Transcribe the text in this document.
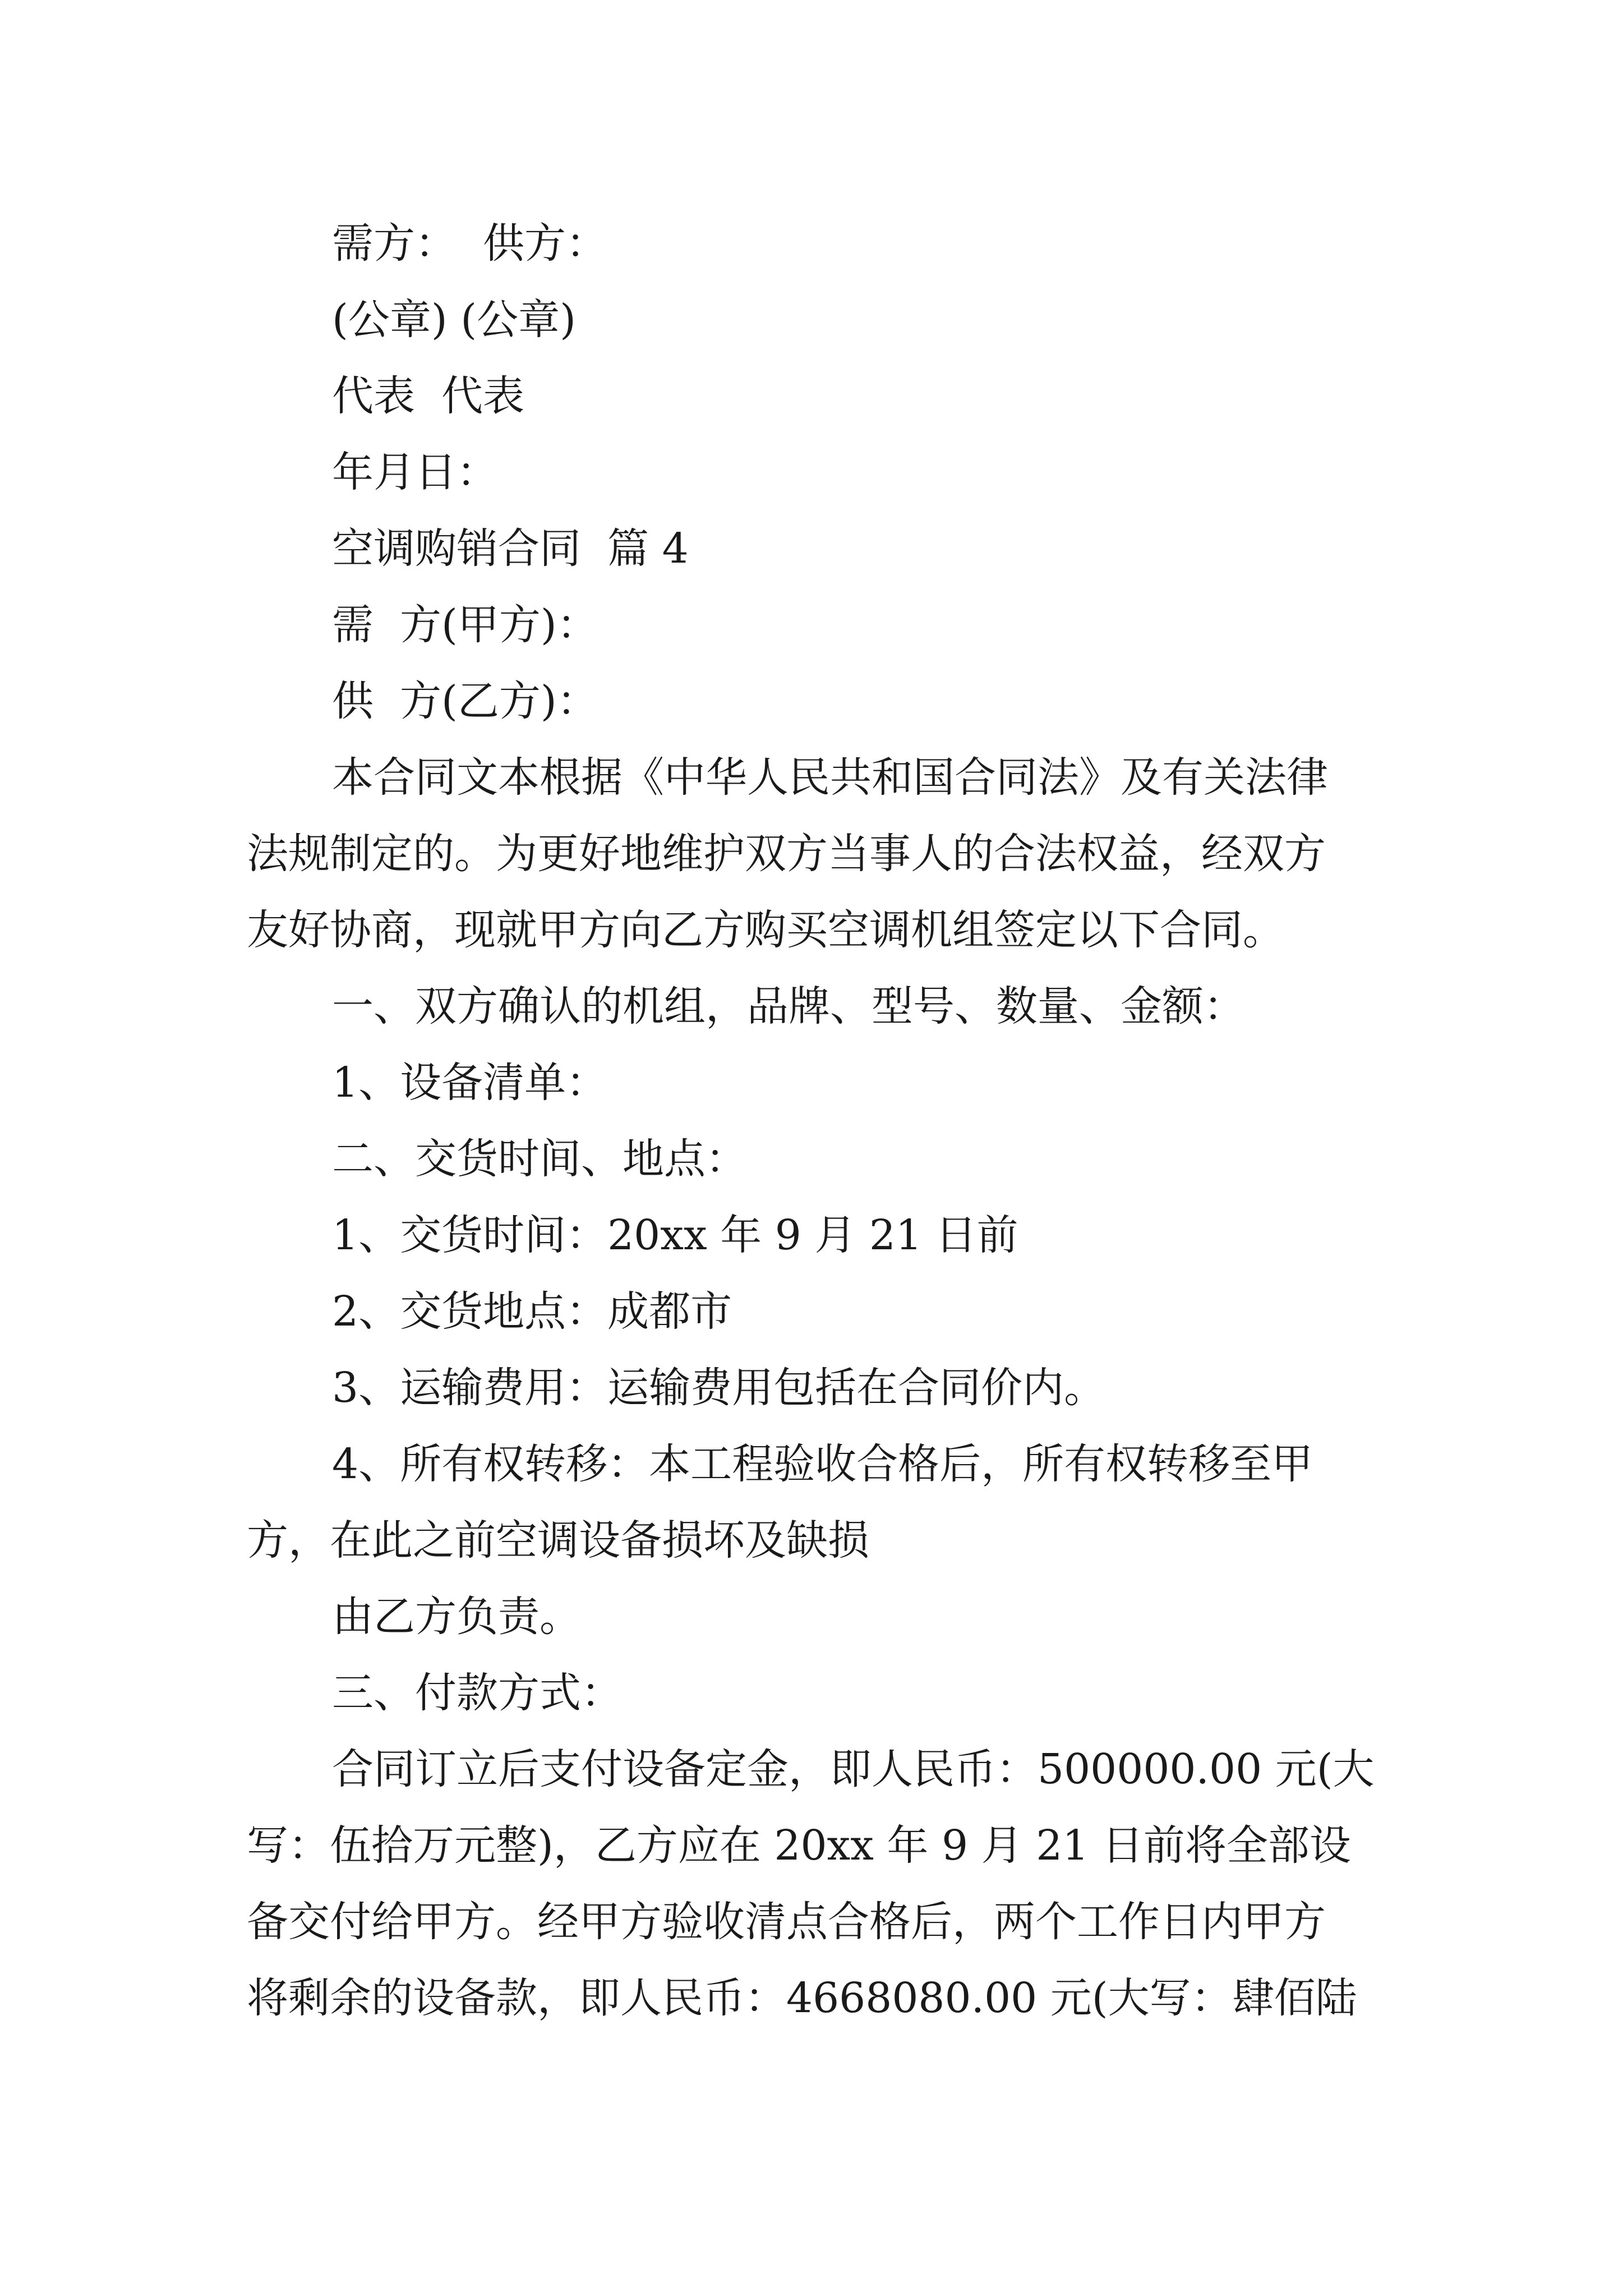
需方：  供方：
(公章) (公章)
代表  代表
年月日：
空调购销合同  篇 4
需  方(甲方)：
供  方(乙方)：
本合同文本根据《中华人民共和国合同法》及有关法律
法规制定的。为更好地维护双方当事人的合法权益，经双方
友好协商，现就甲方向乙方购买空调机组签定以下合同。
一、双方确认的机组，品牌、型号、数量、金额：
1、设备清单：
二、交货时间、地点：
1、交货时间：20xx 年 9 月 21 日前
2、交货地点：成都市
3、运输费用：运输费用包括在合同价内。
4、所有权转移：本工程验收合格后，所有权转移至甲
方，在此之前空调设备损坏及缺损
由乙方负责。
三、付款方式：
合同订立后支付设备定金，即人民币：500000.00 元(大
写：伍拾万元整)，乙方应在 20xx 年 9 月 21 日前将全部设
备交付给甲方。经甲方验收清点合格后，两个工作日内甲方
将剩余的设备款，即人民币：4668080.00 元(大写：肆佰陆
